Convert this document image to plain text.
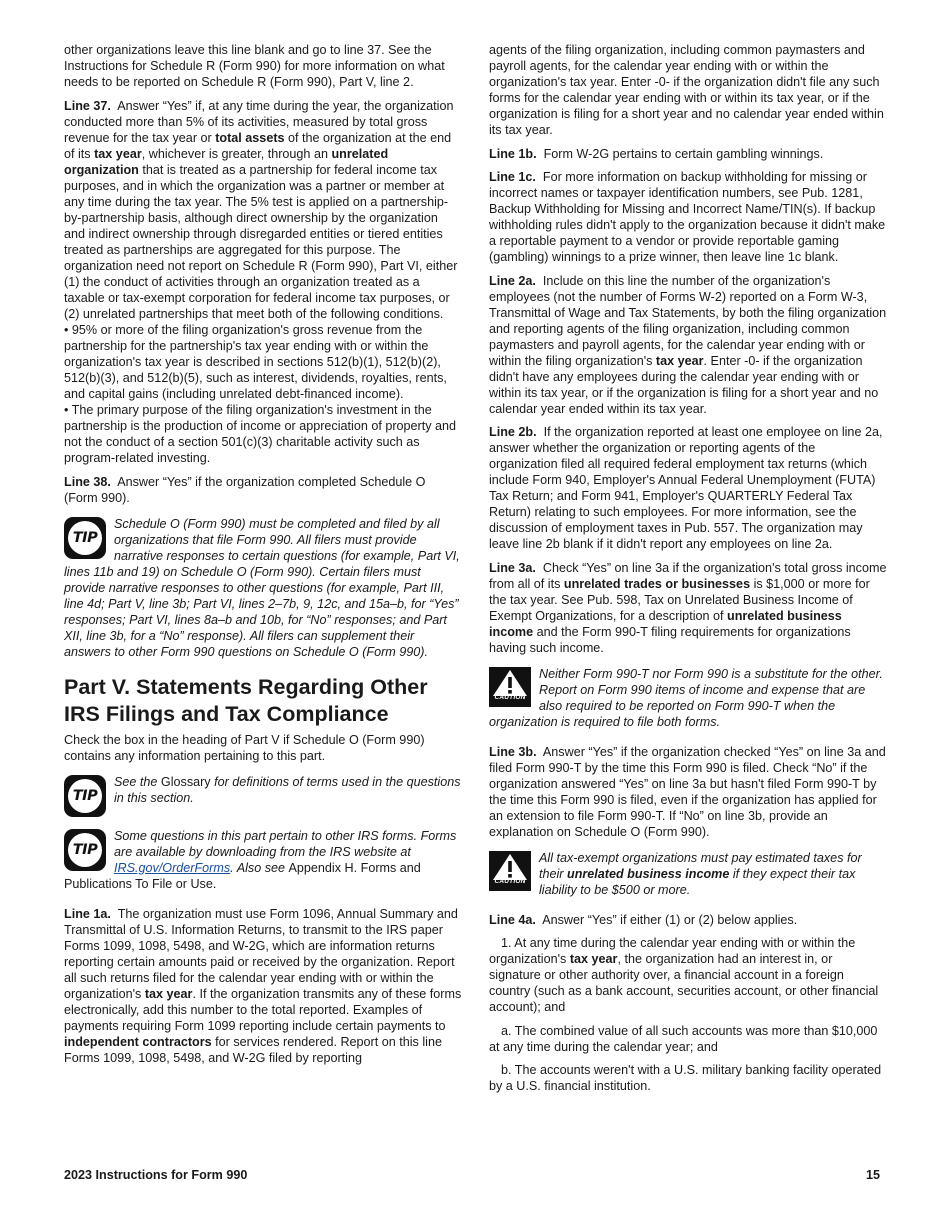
other organizations leave this line blank and go to line 37. See the Instructions for Schedule R (Form 990) for more information on what needs to be reported on Schedule R (Form 990), Part V, line 2.

Line 37. Answer “Yes” if, at any time during the year, the organization conducted more than 5% of its activities, measured by total gross revenue for the tax year or total assets of the organization at the end of its tax year, whichever is greater, through an unrelated organization that is treated as a partnership for federal income tax purposes, and in which the organization was a partner or member at any time during the tax year. The 5% test is applied on a partnership-by-partnership basis, although direct ownership by the organization and indirect ownership through disregarded entities or tiered entities treated as partnerships are aggregated for this purpose. The organization need not report on Schedule R (Form 990), Part VI, either (1) the conduct of activities through an organization treated as a taxable or tax-exempt corporation for federal income tax purposes, or (2) unrelated partnerships that meet both of the following conditions.

• 95% or more of the filing organization's gross revenue from the partnership for the partnership's tax year ending with or within the organization's tax year is described in sections 512(b)(1), 512(b)(2), 512(b)(3), and 512(b)(5), such as interest, dividends, royalties, rents, and capital gains (including unrelated debt-financed income).

• The primary purpose of the filing organization's investment in the partnership is the production of income or appreciation of property and not the conduct of a section 501(c)(3) charitable activity such as program-related investing.

Line 38. Answer “Yes” if the organization completed Schedule O (Form 990).

TIP
Schedule O (Form 990) must be completed and filed by all organizations that file Form 990. All filers must provide narrative responses to certain questions (for example, Part VI, lines 11b and 19) on Schedule O (Form 990). Certain filers must provide narrative responses to other questions (for example, Part III, line 4d; Part V, line 3b; Part VI, lines 2–7b, 9, 12c, and 15a–b, for “Yes” responses; Part VI, lines 8a–b and 10b, for “No” responses; and Part XII, line 3b, for a “No” response). All filers can supplement their answers to other Form 990 questions on Schedule O (Form 990).
Part V. Statements Regarding Other IRS Filings and Tax Compliance

Check the box in the heading of Part V if Schedule O (Form 990) contains any information pertaining to this part.

TIP
See the Glossary for definitions of terms used in the questions in this section.
TIP
Some questions in this part pertain to other IRS forms. Forms are available by downloading from the IRS website at IRS.gov/OrderForms. Also see Appendix H. Forms and Publications To File or Use.

Line 1a. The organization must use Form 1096, Annual Summary and Transmittal of U.S. Information Returns, to transmit to the IRS paper Forms 1099, 1098, 5498, and W-2G, which are information returns reporting certain amounts paid or received by the organization. Report all such returns filed for the calendar year ending with or within the organization's tax year. If the organization transmits any of these forms electronically, add this number to the total reported. Examples of payments requiring Form 1099 reporting include certain payments to independent contractors for services rendered. Report on this line Forms 1099, 1098, 5498, and W-2G filed by reporting

agents of the filing organization, including common paymasters and payroll agents, for the calendar year ending with or within the organization's tax year. Enter -0- if the organization didn't file any such forms for the calendar year ending with or within its tax year, or if the organization is filing for a short year and no calendar year ended within its tax year.

Line 1b. Form W-2G pertains to certain gambling winnings.

Line 1c. For more information on backup withholding for missing or incorrect names or taxpayer identification numbers, see Pub. 1281, Backup Withholding for Missing and Incorrect Name/TIN(s). If backup withholding rules didn't apply to the organization because it didn't make a reportable payment to a vendor or provide reportable gaming (gambling) winnings to a prize winner, then leave line 1c blank.

Line 2a. Include on this line the number of the organization's employees (not the number of Forms W-2) reported on a Form W-3, Transmittal of Wage and Tax Statements, by both the filing organization and reporting agents of the filing organization, including common paymasters and payroll agents, for the calendar year ending with or within the filing organization's tax year. Enter -0- if the organization didn't have any employees during the calendar year ending with or within its tax year, or if the organization is filing for a short year and no calendar year ended within its tax year.

Line 2b. If the organization reported at least one employee on line 2a, answer whether the organization or reporting agents of the organization filed all required federal employment tax returns (which include Form 940, Employer's Annual Federal Unemployment (FUTA) Tax Return; and Form 941, Employer's QUARTERLY Federal Tax Return) relating to such employees. For more information, see the discussion of employment taxes in Pub. 557. The organization may leave line 2b blank if it didn't report any employees on line 2a.

Line 3a. Check “Yes” on line 3a if the organization's total gross income from all of its unrelated trades or businesses is $1,000 or more for the tax year. See Pub. 598, Tax on Unrelated Business Income of Exempt Organizations, for a description of unrelated business income and the Form 990-T filing requirements for organizations having such income.

CAUTION
Neither Form 990-T nor Form 990 is a substitute for the other. Report on Form 990 items of income and expense that are also required to be reported on Form 990-T when the organization is required to file both forms.

Line 3b. Answer “Yes” if the organization checked “Yes” on line 3a and filed Form 990-T by the time this Form 990 is filed. Check “No” if the organization answered “Yes” on line 3a but hasn't filed Form 990-T by the time this Form 990 is filed, even if the organization has applied for an extension to file Form 990-T. If “No” on line 3b, provide an explanation on Schedule O (Form 990).

CAUTION
All tax-exempt organizations must pay estimated taxes for their unrelated business income if they expect their tax liability to be $500 or more.

Line 4a. Answer “Yes” if either (1) or (2) below applies.

1. At any time during the calendar year ending with or within the organization's tax year, the organization had an interest in, or signature or other authority over, a financial account in a foreign country (such as a bank account, securities account, or other financial account); and

a. The combined value of all such accounts was more than $10,000 at any time during the calendar year; and

b. The accounts weren't with a U.S. military banking facility operated by a U.S. financial institution.

2023 Instructions for Form 990	15
